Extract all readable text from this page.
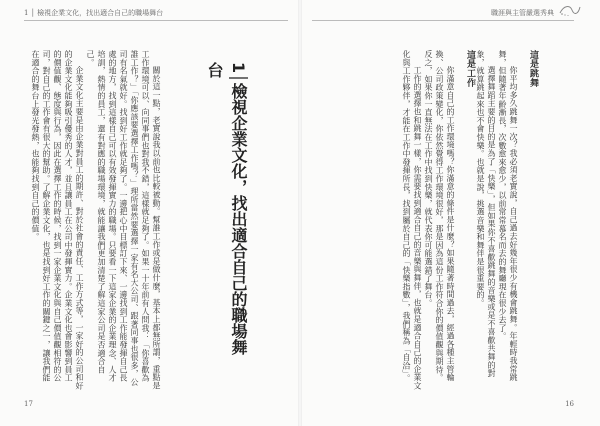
1 │ 檢視企業文化，找出適合自己的職場舞台

關於這一點，老實說我以前也比較被動。幫誰工作或是做什麼，基本上都無所謂，重點是工作環境可以、向同事們也對我不錯，這樣就足夠了。如果一十年前有人問我：「你喜歡為誰工作？」「你應該要選擇工作嗎？」理所當然要選擇一家有名大公司、跟著同事也很多，公司有名氣就好。找到好工作就足夠了。一邊把心中目標訂下來、一邊找到工作能發揮自己長處的地方，找到這樣自己可以有效發揮實力的職場。只要看一下這家企業的企業理念、人才培訓，熱情的員工，還有對應的職場環境，就能讓我們更加清楚了解這家公司是否適合自己。

企業文化主要是由企業對員工的期許、對於社會的責任、工作方式等，一家好的公司和好的企業文化能夠吸引優秀的人才，並且讓員工在公司中發揮實力。企業文化也會影響到員工的價值觀、態度與行為，因此在選擇工作的時候，找到一家企業文化與自己價值觀相符的公司，對自己的工作會有很大的幫助。了解企業文化，也是找到好工作的關鍵之一，讓我們能在適合的舞台上發光發熱，也能夠找到自己的價值。	1│檢視企業文化，找出適合自己的職場舞台
17
職涯與主管嚴選秀典

這是跳舞

你平均多久跳舞一次？我必須老實說，自己過去好幾年很少有機會跳舞。年輕時我常跳舞，但隨著年齡漸長，次數愈來愈少，以前常常慕名而去的舞廳現在很少去了。

選擇舞蹈主要的目的是為了「快樂」，但如果你不喜歡跳舞的音樂或是不喜歡共舞的對象，就算跳起來也不會快樂。也就是說，挑選音樂和舞伴是很重要的。

這是工作

你滿意自己的工作環境嗎？你滿意的條件是什麼？如果隨著時間過去，經過各種主管輪換、公司政策變化，你依然覺得工作環境很好，那是因為這份工作符合你的價值觀與期待。反之，如果你一直無法在工作中找到快樂，就代表你可能選錯了舞台。

工作的選擇也和跳舞一樣，你需要找到適合自己的音樂與舞伴，也就是適合自己的企業文化與工作夥伴，才能在工作中發揮所長，找到屬於自己的「快樂指數」，我們稱為「自洽」。

16
